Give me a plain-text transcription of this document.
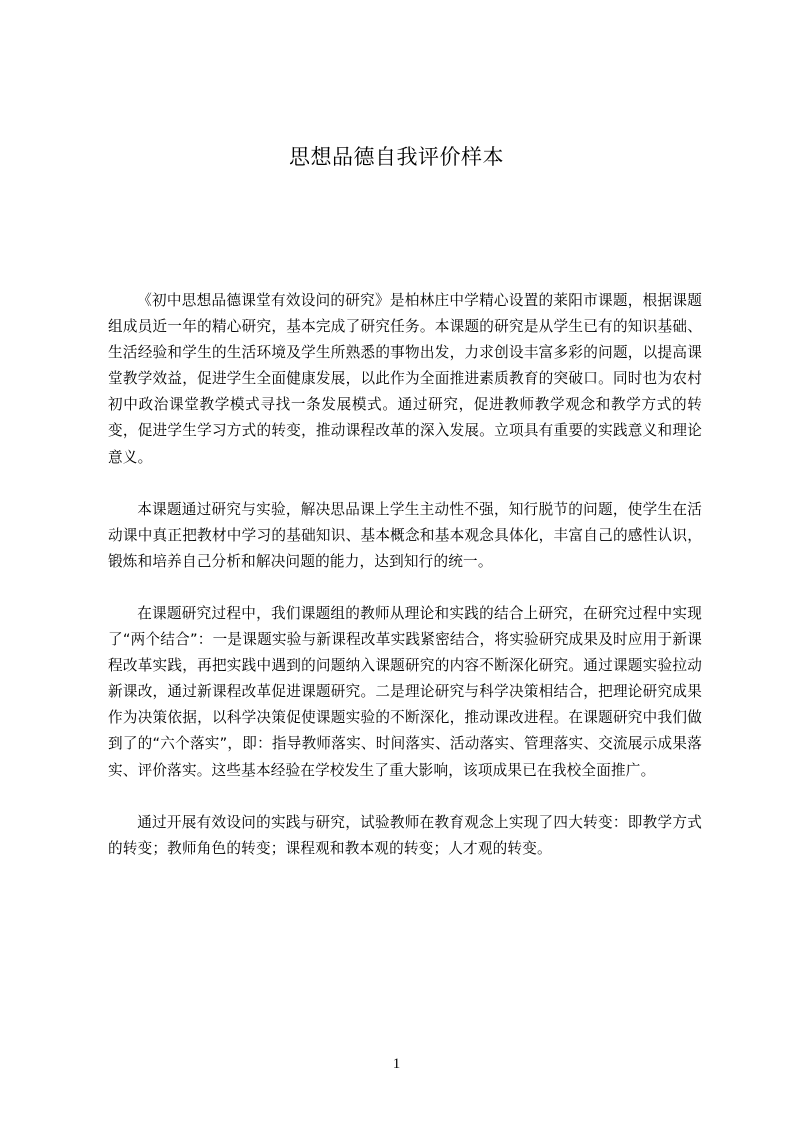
思想品德自我评价样本

《初中思想品德课堂有效设问的研究》是柏林庄中学精心设置的莱阳市课题，根据课题组成员近一年的精心研究，基本完成了研究任务。本课题的研究是从学生已有的知识基础、生活经验和学生的生活环境及学生所熟悉的事物出发，力求创设丰富多彩的问题，以提高课堂教学效益，促进学生全面健康发展，以此作为全面推进素质教育的突破口。同时也为农村初中政治课堂教学模式寻找一条发展模式。通过研究，促进教师教学观念和教学方式的转变，促进学生学习方式的转变，推动课程改革的深入发展。立项具有重要的实践意义和理论意义。

本课题通过研究与实验，解决思品课上学生主动性不强，知行脱节的问题，使学生在活动课中真正把教材中学习的基础知识、基本概念和基本观念具体化，丰富自己的感性认识，锻炼和培养自己分析和解决问题的能力，达到知行的统一。

在课题研究过程中，我们课题组的教师从理论和实践的结合上研究，在研究过程中实现了“两个结合”：一是课题实验与新课程改革实践紧密结合，将实验研究成果及时应用于新课程改革实践，再把实践中遇到的问题纳入课题研究的内容不断深化研究。通过课题实验拉动新课改，通过新课程改革促进课题研究。二是理论研究与科学决策相结合，把理论研究成果作为决策依据，以科学决策促使课题实验的不断深化，推动课改进程。在课题研究中我们做到了的“六个落实”，即：指导教师落实、时间落实、活动落实、管理落实、交流展示成果落实、评价落实。这些基本经验在学校发生了重大影响，该项成果已在我校全面推广。

通过开展有效设问的实践与研究，试验教师在教育观念上实现了四大转变：即教学方式的转变；教师角色的转变；课程观和教本观的转变；人才观的转变。

1
